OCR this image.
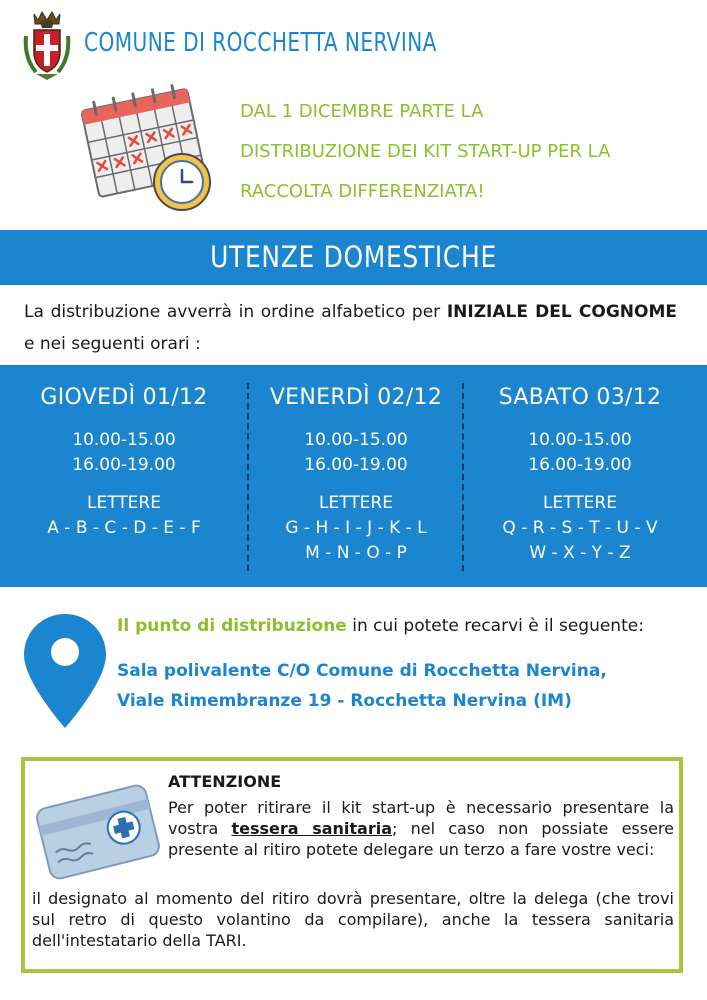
COMUNE DI ROCCHETTA NERVINA
DAL 1 DICEMBRE PARTE LA
DISTRIBUZIONE DEI KIT START-UP PER LA
RACCOLTA DIFFERENZIATA!
UTENZE DOMESTICHE
La distribuzione avverrà in ordine alfabetico per INIZIALE DEL COGNOME e nei seguenti orari :
GIOVEDÌ 01/12
10.00-15.00
16.00-19.00
LETTERE
A - B - C - D - E - F
VENERDÌ 02/12
10.00-15.00
16.00-19.00
LETTERE
G - H - I - J - K - L
M - N - O - P
SABATO 03/12
10.00-15.00
16.00-19.00
LETTERE
Q - R - S - T - U - V
W - X - Y - Z
Il punto di distribuzione in cui potete recarvi è il seguente:
Sala polivalente C/O Comune di Rocchetta Nervina,
Viale Rimembranze 19 - Rocchetta Nervina (IM)
ATTENZIONE
Per poter ritirare il kit start-up è necessario presentare la vostra tessera sanitaria; nel caso non possiate essere presente al ritiro potete delegare un terzo a fare vostre veci:
il designato al momento del ritiro dovrà presentare, oltre la delega (che trovi sul retro di questo volantino da compilare), anche la tessera sanitaria dell'intestatario della TARI.
